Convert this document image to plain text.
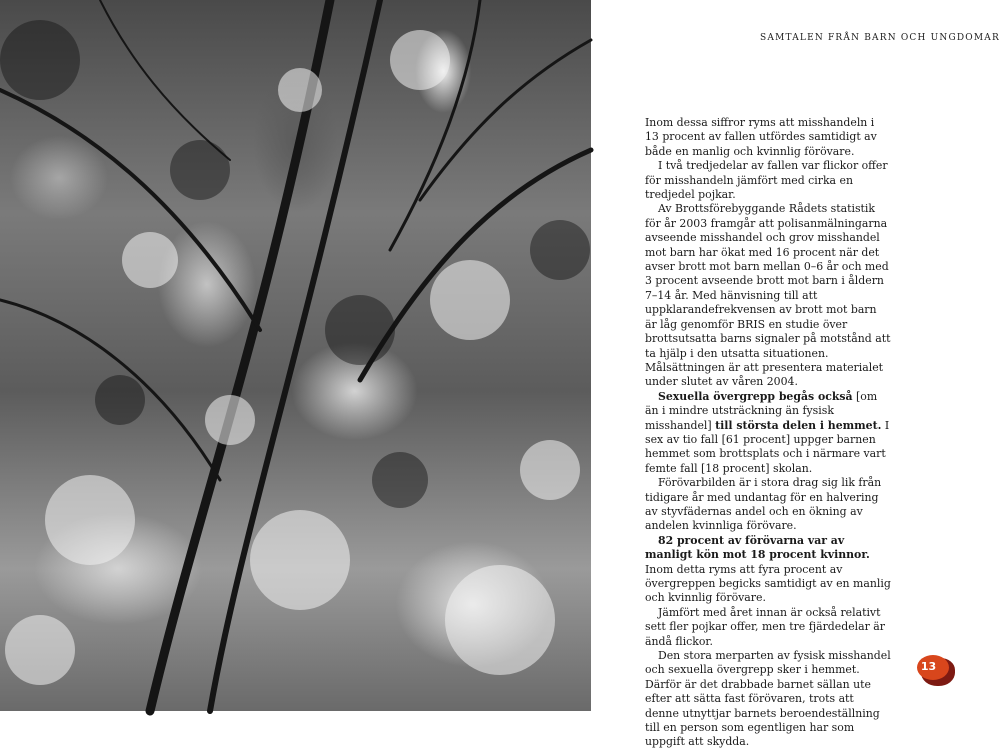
SAMTALEN FRÅN BARN OCH UNGDOMAR

Inom dessa siffror ryms att misshandeln i 13 procent av fallen utfördes samtidigt av både en manlig och kvinnlig förövare.

I två tredjedelar av fallen var flickor offer för misshandeln jämfört med cirka en tredjedel pojkar.

Av Brottsförebyggande Rådets statistik för år 2003 framgår att polisanmälningarna avseende misshandel och grov misshandel mot barn har ökat med 16 procent när det avser brott mot barn mellan 0–6 år och med 3 procent avseende brott mot barn i åldern 7–14 år. Med hänvisning till att uppklarandefrekvensen av brott mot barn är låg genomför BRIS en studie över brottsutsatta barns signaler på motstånd att ta hjälp i den utsatta situationen. Målsättningen är att presentera materialet under slutet av våren 2004.

Sexuella övergrepp begås också [om än i mindre utsträckning än fysisk misshandel] till största delen i hemmet. I sex av tio fall [61 procent] uppger barnen hemmet som brottsplats och i närmare vart femte fall [18 procent] skolan.

Förövarbilden är i stora drag sig lik från tidigare år med undantag för en halvering av styvfädernas andel och en ökning av andelen kvinnliga förövare.

82 procent av förövarna var av manligt kön mot 18 procent kvinnor. Inom detta ryms att fyra procent av övergreppen begicks samtidigt av en manlig och kvinnlig förövare.

Jämfört med året innan är också relativt sett fler pojkar offer, men tre fjärdedelar är ändå flickor.

Den stora merparten av fysisk misshandel och sexuella övergrepp sker i hemmet. Därför är det drabbade barnet sällan ute efter att sätta fast förövaren, trots att denne utnyttjar barnets beroendeställning till en person som egentligen har som uppgift att skydda.

13
